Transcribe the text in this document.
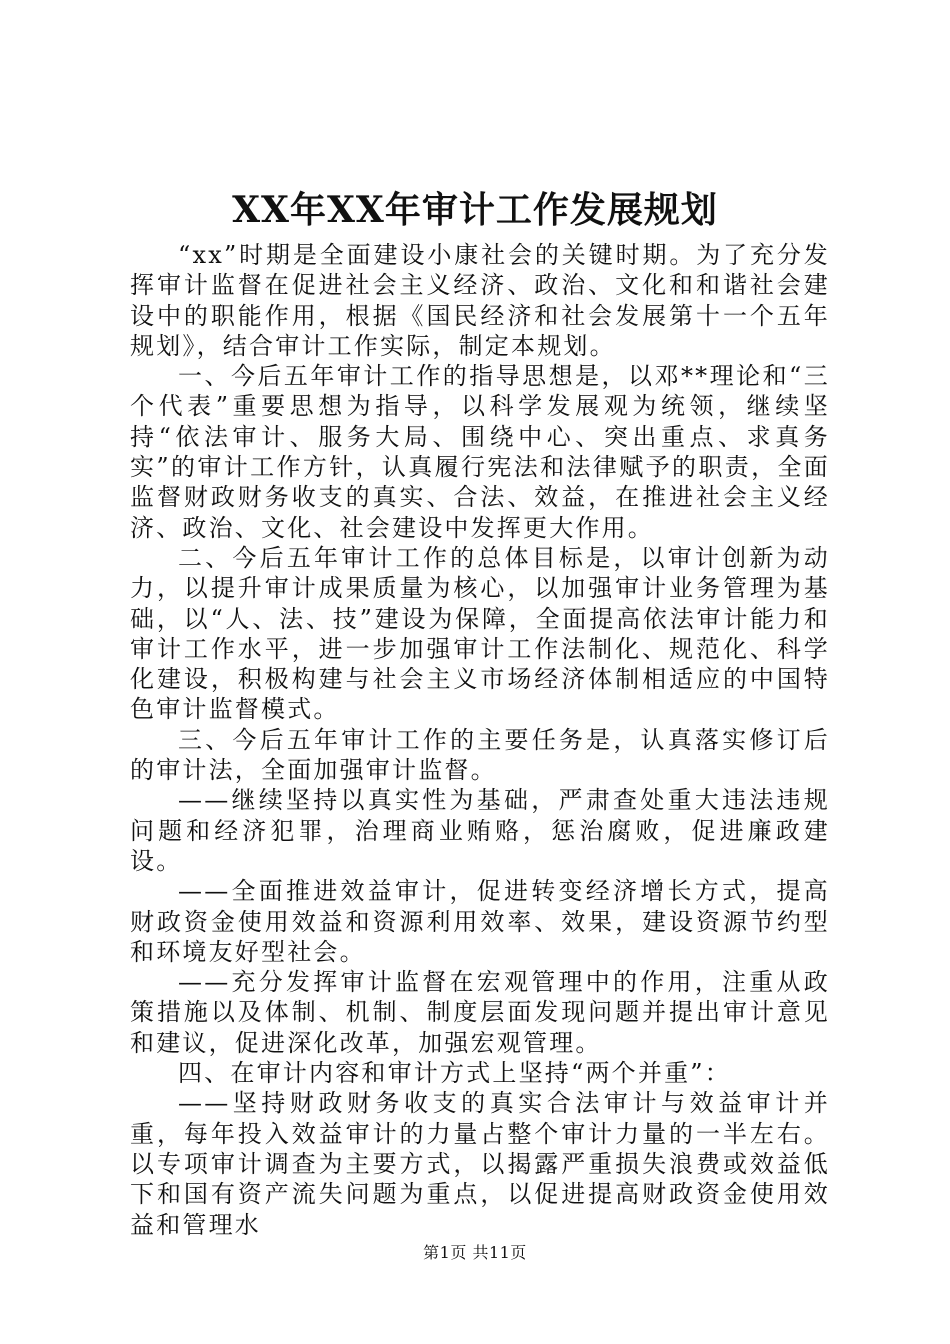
XX年XX年审计工作发展规划

“xx”时期是全面建设小康社会的关键时期。为了充分发挥审计监督在促进社会主义经济、政治、文化和和谐社会建设中的职能作用，根据《国民经济和社会发展第十一个五年规划》，结合审计工作实际，制定本规划。

一、今后五年审计工作的指导思想是，以邓**理论和“三个代表”重要思想为指导，以科学发展观为统领，继续坚持“依法审计、服务大局、围绕中心、突出重点、求真务实”的审计工作方针，认真履行宪法和法律赋予的职责，全面监督财政财务收支的真实、合法、效益，在推进社会主义经济、政治、文化、社会建设中发挥更大作用。

二、今后五年审计工作的总体目标是，以审计创新为动力，以提升审计成果质量为核心，以加强审计业务管理为基础，以“人、法、技”建设为保障，全面提高依法审计能力和审计工作水平，进一步加强审计工作法制化、规范化、科学化建设，积极构建与社会主义市场经济体制相适应的中国特色审计监督模式。

三、今后五年审计工作的主要任务是，认真落实修订后的审计法，全面加强审计监督。

——继续坚持以真实性为基础，严肃查处重大违法违规问题和经济犯罪，治理商业贿赂，惩治腐败，促进廉政建设。

——全面推进效益审计，促进转变经济增长方式，提高财政资金使用效益和资源利用效率、效果，建设资源节约型和环境友好型社会。

——充分发挥审计监督在宏观管理中的作用，注重从政策措施以及体制、机制、制度层面发现问题并提出审计意见和建议，促进深化改革，加强宏观管理。

四、在审计内容和审计方式上坚持“两个并重”：

——坚持财政财务收支的真实合法审计与效益审计并重，每年投入效益审计的力量占整个审计力量的一半左右。以专项审计调查为主要方式，以揭露严重损失浪费或效益低下和国有资产流失问题为重点，以促进提高财政资金使用效益和管理水

第1页 共11页
